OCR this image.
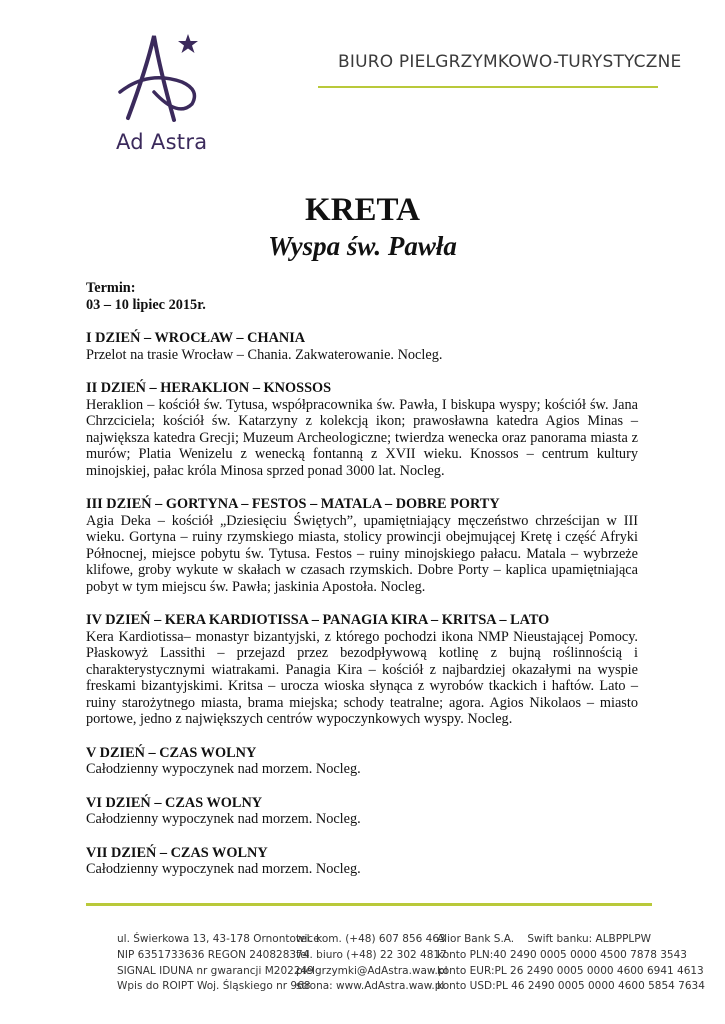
Ad Astra
BIURO PIELGRZYMKOWO-TURYSTYCZNE
KRETA
Wyspa św. Pawła
Termin:
03 – 10 lipiec 2015r.
I DZIEŃ – WROCŁAW – CHANIA
Przelot na trasie Wrocław – Chania. Zakwaterowanie. Nocleg.
II DZIEŃ – HERAKLION – KNOSSOS
Heraklion – kościół św. Tytusa, współpracownika św. Pawła, I biskupa wyspy; kościół św. Jana Chrzciciela; kościół św. Katarzyny z kolekcją ikon; prawosławna katedra Agios Minas – największa katedra Grecji; Muzeum Archeologiczne; twierdza wenecka oraz panorama miasta z murów; Platia Wenizelu z wenecką fontanną z XVII wieku. Knossos – centrum kultury minojskiej, pałac króla Minosa sprzed ponad 3000 lat. Nocleg.
III DZIEŃ – GORTYNA – FESTOS – MATALA – DOBRE PORTY
Agia Deka – kościół „Dziesięciu Świętych”, upamiętniający męczeństwo chrześcijan w III wieku. Gortyna – ruiny rzymskiego miasta, stolicy prowincji obejmującej Kretę i część Afryki Północnej, miejsce pobytu św. Tytusa. Festos – ruiny minojskiego pałacu. Matala – wybrzeże klifowe, groby wykute w skałach w czasach rzymskich. Dobre Porty – kaplica upamiętniająca pobyt w tym miejscu św. Pawła; jaskinia Apostoła. Nocleg.
IV DZIEŃ – KERA KARDIOTISSA – PANAGIA KIRA – KRITSA – LATO
Kera Kardiotissa– monastyr bizantyjski, z którego pochodzi ikona NMP Nieustającej Pomocy. Płaskowyż Lassithi – przejazd przez bezodpływową kotlinę z bujną roślinnością i charakterystycznymi wiatrakami. Panagia Kira – kościół z najbardziej okazałymi na wyspie freskami bizantyjskimi. Kritsa – urocza wioska słynąca z wyrobów tkackich i haftów. Lato – ruiny starożytnego miasta, brama miejska; schody teatralne; agora. Agios Nikolaos – miasto portowe, jedno z największych centrów wypoczynkowych wyspy. Nocleg.
V DZIEŃ – CZAS WOLNY
Całodzienny wypoczynek nad morzem. Nocleg.
VI DZIEŃ – CZAS WOLNY
Całodzienny wypoczynek nad morzem. Nocleg.
VII DZIEŃ – CZAS WOLNY
Całodzienny wypoczynek nad morzem. Nocleg.
ul. Świerkowa 13, 43-178 Ornontowice
NIP 6351733636 REGON 240828374
SIGNAL IDUNA nr gwarancji M202249
Wpis do ROIPT Woj. Śląskiego nr 968
tel. kom. (+48) 607 856 463
tel. biuro (+48) 22 302 4817
pielgrzymki@AdAstra.waw.pl
strona: www.AdAstra.waw.pl
Alior Bank S.A. Swift banku: ALBPPLPW
konto PLN: 40 2490 0005 0000 4500 7878 3543
konto EUR: PL 26 2490 0005 0000 4600 6941 4613
konto USD: PL 46 2490 0005 0000 4600 5854 7634
